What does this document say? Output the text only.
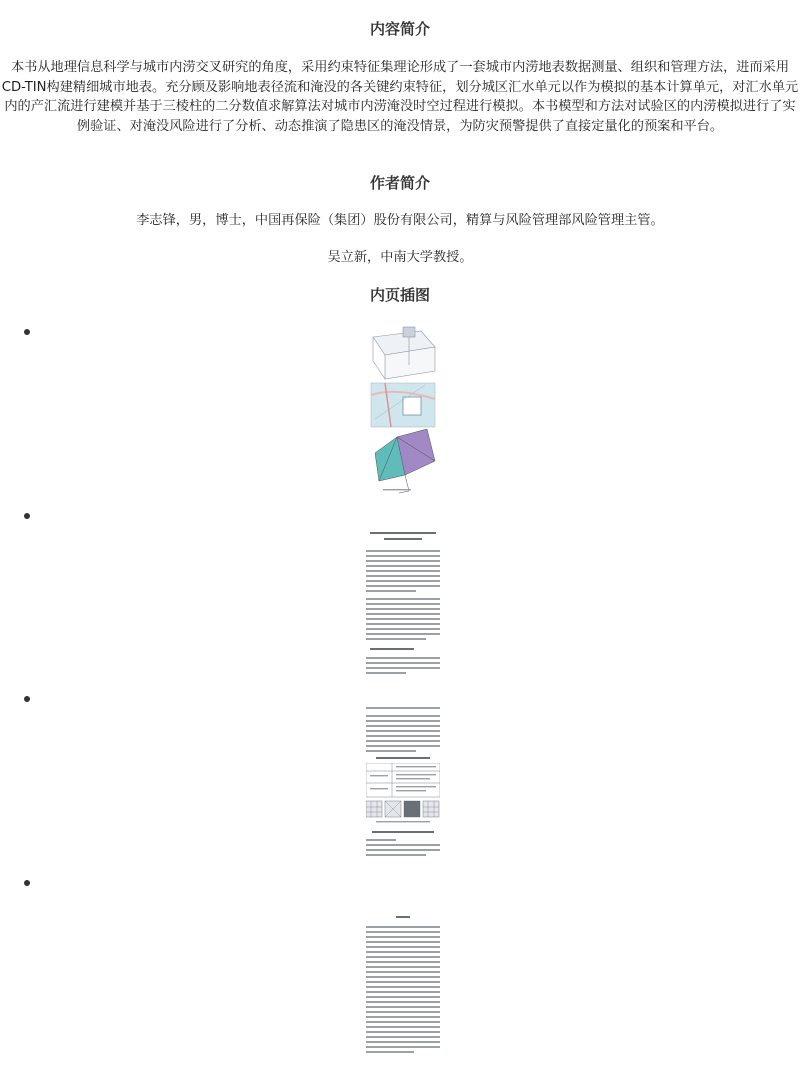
内容简介
本书从地理信息科学与城市内涝交叉研究的角度，采用约束特征集理论形成了一套城市内涝地表数据测量、组织和管理方法，进而采用CD-TIN构建精细城市地表。充分顾及影响地表径流和淹没的各关键约束特征，划分城区汇水单元以作为模拟的基本计算单元，对汇水单元内的产汇流进行建模并基于三棱柱的二分数值求解算法对城市内涝淹没时空过程进行模拟。本书模型和方法对试验区的内涝模拟进行了实例验证、对淹没风险进行了分析、动态推演了隐患区的淹没情景，为防灾预警提供了直接定量化的预案和平台。
作者简介
李志锋，男，博士，中国再保险（集团）股份有限公司，精算与风险管理部风险管理主管。
吴立新，中南大学教授。
内页插图
